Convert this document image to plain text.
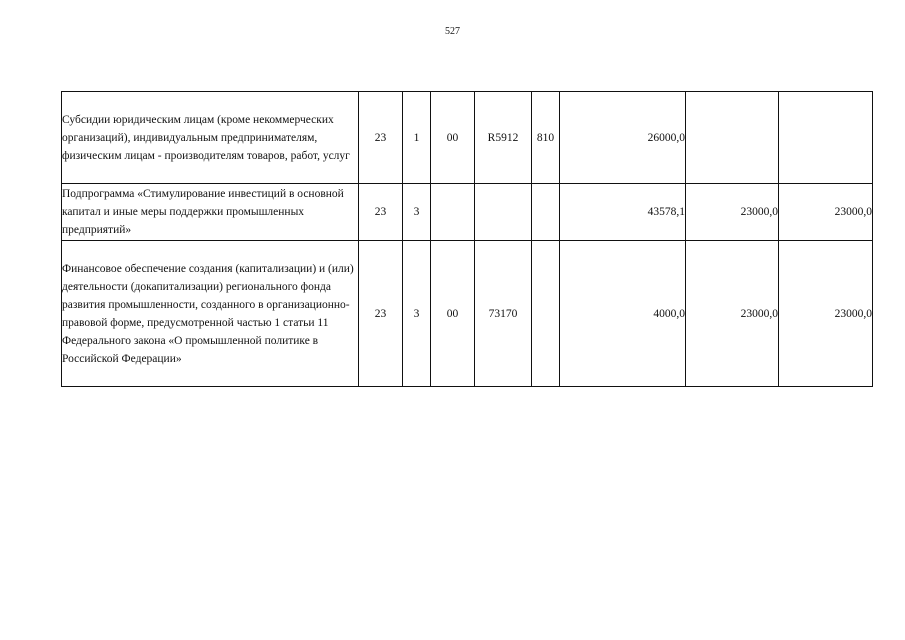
527
Субсидии юридическим лицам (кроме некоммерческих организаций), индивидуальным предпринимателям, физическим лицам - производителям товаров, работ, услуг	23	1	00	R5912	810	26000,0		
Подпрограмма «Стимулирование инвестиций в основной капитал и иные меры поддержки промышленных предприятий»	23	3				43578,1	23000,0	23000,0
Финансовое обеспечение создания (капитализации) и (или) деятельности (докапитализации) регионального фонда развития промышленности, созданного в организационно-правовой форме, предусмотренной частью 1 статьи 11 Федерального закона «О промышленной политике в Российской Федерации»	23	3	00	73170		4000,0	23000,0	23000,0
